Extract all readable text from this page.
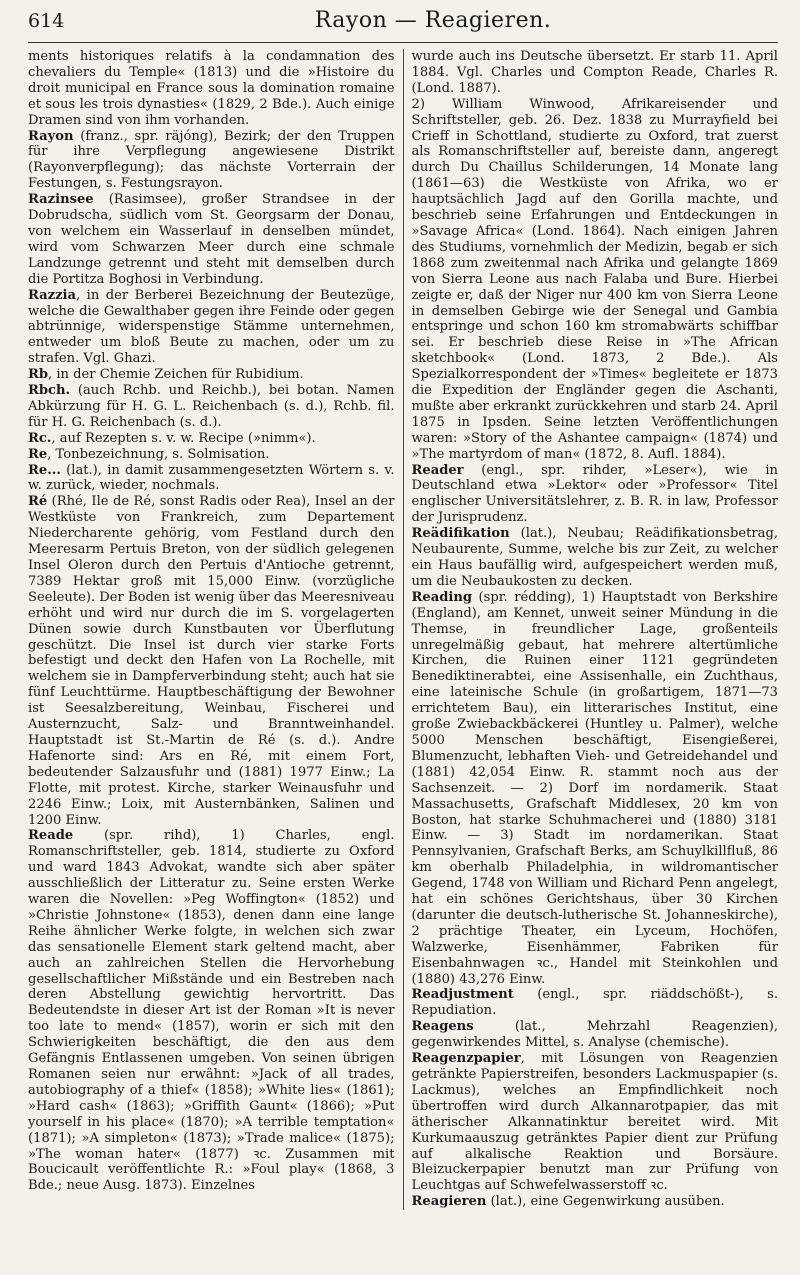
614	Rayon — Reagieren.

ments historiques relatifs à la condamnation des chevaliers du Temple« (1813) und die »Histoire du droit municipal en France sous la domination romaine et sous les trois dynasties« (1829, 2 Bde.). Auch einige Dramen sind von ihm vorhanden.

Rayon (franz., spr. räjóng), Bezirk; der den Truppen für ihre Verpflegung angewiesene Distrikt (Rayonverpflegung); das nächste Vorterrain der Festungen, s. Festungsrayon.

Razinsee (Rasimsee), großer Strandsee in der Dobrudscha, südlich vom St. Georgsarm der Donau, von welchem ein Wasserlauf in denselben mündet, wird vom Schwarzen Meer durch eine schmale Landzunge getrennt und steht mit demselben durch die Portitza Boghosi in Verbindung.

Razzia, in der Berberei Bezeichnung der Beutezüge, welche die Gewalthaber gegen ihre Feinde oder gegen abtrünnige, widerspenstige Stämme unternehmen, entweder um bloß Beute zu machen, oder um zu strafen. Vgl. Ghazi.

Rb, in der Chemie Zeichen für Rubidium.

Rbch. (auch Rchb. und Reichb.), bei botan. Namen Abkürzung für H. G. L. Reichenbach (s. d.), Rchb. fil. für H. G. Reichenbach (s. d.).

Rc., auf Rezepten s. v. w. Recipe (»nimm«).

Re, Tonbezeichnung, s. Solmisation.

Re... (lat.), in damit zusammengesetzten Wörtern s. v. w. zurück, wieder, nochmals.

Ré (Rhé, Ile de Ré, sonst Radis oder Rea), Insel an der Westküste von Frankreich, zum Departement Niedercharente gehörig, vom Festland durch den Meeresarm Pertuis Breton, von der südlich gelegenen Insel Oleron durch den Pertuis d'Antioche getrennt, 7389 Hektar groß mit 15,000 Einw. (vorzügliche Seeleute). Der Boden ist wenig über das Meeresniveau erhöht und wird nur durch die im S. vorgelagerten Dünen sowie durch Kunstbauten vor Überflutung geschützt. Die Insel ist durch vier starke Forts befestigt und deckt den Hafen von La Rochelle, mit welchem sie in Dampferverbindung steht; auch hat sie fünf Leuchttürme. Hauptbeschäftigung der Bewohner ist Seesalzbereitung, Weinbau, Fischerei und Austernzucht, Salz- und Branntweinhandel. Hauptstadt ist St.-Martin de Ré (s. d.). Andre Hafenorte sind: Ars en Ré, mit einem Fort, bedeutender Salzausfuhr und (1881) 1977 Einw.; La Flotte, mit protest. Kirche, starker Weinausfuhr und 2246 Einw.; Loix, mit Austernbänken, Salinen und 1200 Einw.

Reade (spr. rihd), 1) Charles, engl. Romanschriftsteller, geb. 1814, studierte zu Oxford und ward 1843 Advokat, wandte sich aber später ausschließlich der Litteratur zu. Seine ersten Werke waren die Novellen: »Peg Woffington« (1852) und »Christie Johnstone« (1853), denen dann eine lange Reihe ähnlicher Werke folgte, in welchen sich zwar das sensationelle Element stark geltend macht, aber auch an zahlreichen Stellen die Hervorhebung gesellschaftlicher Mißstände und ein Bestreben nach deren Abstellung gewichtig hervortritt. Das Bedeutendste in dieser Art ist der Roman »It is never too late to mend« (1857), worin er sich mit den Schwierigkeiten beschäftigt, die den aus dem Gefängnis Entlassenen umgeben. Von seinen übrigen Romanen seien nur erwähnt: »Jack of all trades, autobiography of a thief« (1858); »White lies« (1861); »Hard cash« (1863); »Griffith Gaunt« (1866); »Put yourself in his place« (1870); »A terrible temptation« (1871); »A simpleton« (1873); »Trade malice« (1875); »The woman hater« (1877) ꝛc. Zusammen mit Boucicault veröffentlichte R.: »Foul play« (1868, 3 Bde.; neue Ausg. 1873). Einzelnes

wurde auch ins Deutsche übersetzt. Er starb 11. April 1884. Vgl. Charles und Compton Reade, Charles R. (Lond. 1887).

2) William Winwood, Afrikareisender und Schriftsteller, geb. 26. Dez. 1838 zu Murrayfield bei Crieff in Schottland, studierte zu Oxford, trat zuerst als Romanschriftsteller auf, bereiste dann, angeregt durch Du Chaillus Schilderungen, 14 Monate lang (1861—63) die Westküste von Afrika, wo er hauptsächlich Jagd auf den Gorilla machte, und beschrieb seine Erfahrungen und Entdeckungen in »Savage Africa« (Lond. 1864). Nach einigen Jahren des Studiums, vornehmlich der Medizin, begab er sich 1868 zum zweitenmal nach Afrika und gelangte 1869 von Sierra Leone aus nach Falaba und Bure. Hierbei zeigte er, daß der Niger nur 400 km von Sierra Leone in demselben Gebirge wie der Senegal und Gambia entspringe und schon 160 km stromabwärts schiffbar sei. Er beschrieb diese Reise in »The African sketchbook« (Lond. 1873, 2 Bde.). Als Spezialkorrespondent der »Times« begleitete er 1873 die Expedition der Engländer gegen die Aschanti, mußte aber erkrankt zurückkehren und starb 24. April 1875 in Ipsden. Seine letzten Veröffentlichungen waren: »Story of the Ashantee campaign« (1874) und »The martyrdom of man« (1872, 8. Aufl. 1884).

Reader (engl., spr. rihder, »Leser«), wie in Deutschland etwa »Lektor« oder »Professor« Titel englischer Universitätslehrer, z. B. R. in law, Professor der Jurisprudenz.

Reädifikation (lat.), Neubau; Reädifikationsbetrag, Neubaurente, Summe, welche bis zur Zeit, zu welcher ein Haus baufällig wird, aufgespeichert werden muß, um die Neubaukosten zu decken.

Reading (spr. rédding), 1) Hauptstadt von Berkshire (England), am Kennet, unweit seiner Mündung in die Themse, in freundlicher Lage, großenteils unregelmäßig gebaut, hat mehrere altertümliche Kirchen, die Ruinen einer 1121 gegründeten Benediktinerabtei, eine Assisenhalle, ein Zuchthaus, eine lateinische Schule (in großartigem, 1871—73 errichtetem Bau), ein litterarisches Institut, eine große Zwiebackbäckerei (Huntley u. Palmer), welche 5000 Menschen beschäftigt, Eisengießerei, Blumenzucht, lebhaften Vieh- und Getreidehandel und (1881) 42,054 Einw. R. stammt noch aus der Sachsenzeit. — 2) Dorf im nordamerik. Staat Massachusetts, Grafschaft Middlesex, 20 km von Boston, hat starke Schuhmacherei und (1880) 3181 Einw. — 3) Stadt im nordamerikan. Staat Pennsylvanien, Grafschaft Berks, am Schuylkillfluß, 86 km oberhalb Philadelphia, in wildromantischer Gegend, 1748 von William und Richard Penn angelegt, hat ein schönes Gerichtshaus, über 30 Kirchen (darunter die deutsch-lutherische St. Johanneskirche), 2 prächtige Theater, ein Lyceum, Hochöfen, Walzwerke, Eisenhämmer, Fabriken für Eisenbahnwagen ꝛc., Handel mit Steinkohlen und (1880) 43,276 Einw.

Readjustment (engl., spr. riäddschößt-), s. Repudiation.

Reagens (lat., Mehrzahl Reagenzien), gegenwirkendes Mittel, s. Analyse (chemische).

Reagenzpapier, mit Lösungen von Reagenzien getränkte Papierstreifen, besonders Lackmuspapier (s. Lackmus), welches an Empfindlichkeit noch übertroffen wird durch Alkannarotpapier, das mit ätherischer Alkannatinktur bereitet wird. Mit Kurkumaauszug getränktes Papier dient zur Prüfung auf alkalische Reaktion und Borsäure. Bleizuckerpapier benutzt man zur Prüfung von Leuchtgas auf Schwefelwasserstoff ꝛc.

Reagieren (lat.), eine Gegenwirkung ausüben.
